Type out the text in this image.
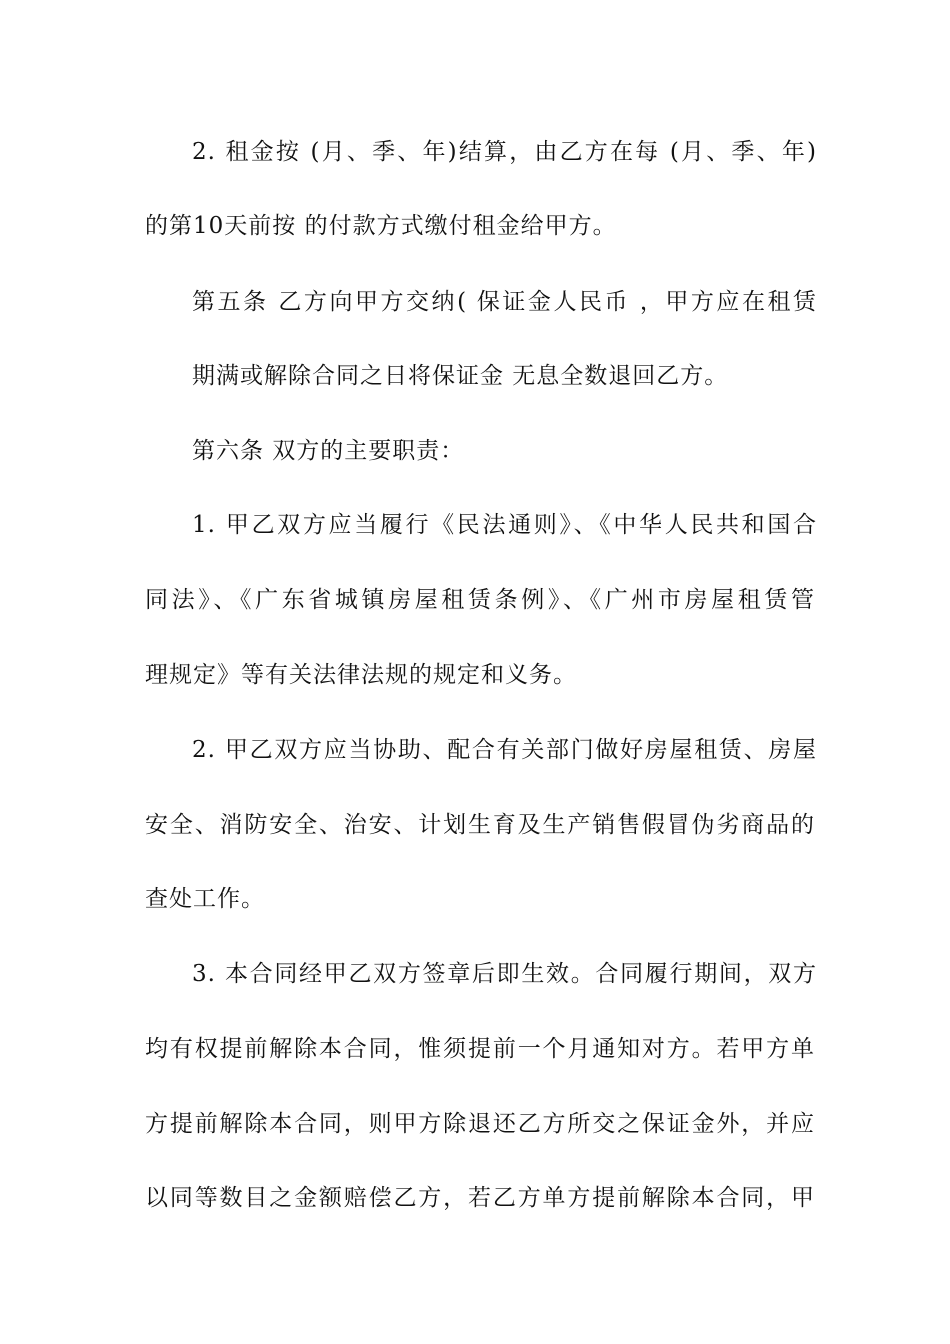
2. 租金按 (月、季、年)结算，由乙方在每 (月、季、年)
的第10天前按 的付款方式缴付租金给甲方。
第五条 乙方向甲方交纳( 保证金人民币 ，甲方应在租赁
期满或解除合同之日将保证金 无息全数退回乙方。
第六条 双方的主要职责：
1. 甲乙双方应当履行《民法通则》、《中华人民共和国合
同法》、《广东省城镇房屋租赁条例》、《广州市房屋租赁管
理规定》等有关法律法规的规定和义务。
2. 甲乙双方应当协助、配合有关部门做好房屋租赁、房屋
安全、消防安全、治安、计划生育及生产销售假冒伪劣商品的
查处工作。
3. 本合同经甲乙双方签章后即生效。合同履行期间，双方
均有权提前解除本合同，惟须提前一个月通知对方。若甲方单
方提前解除本合同，则甲方除退还乙方所交之保证金外，并应
以同等数目之金额赔偿乙方，若乙方单方提前解除本合同，甲
